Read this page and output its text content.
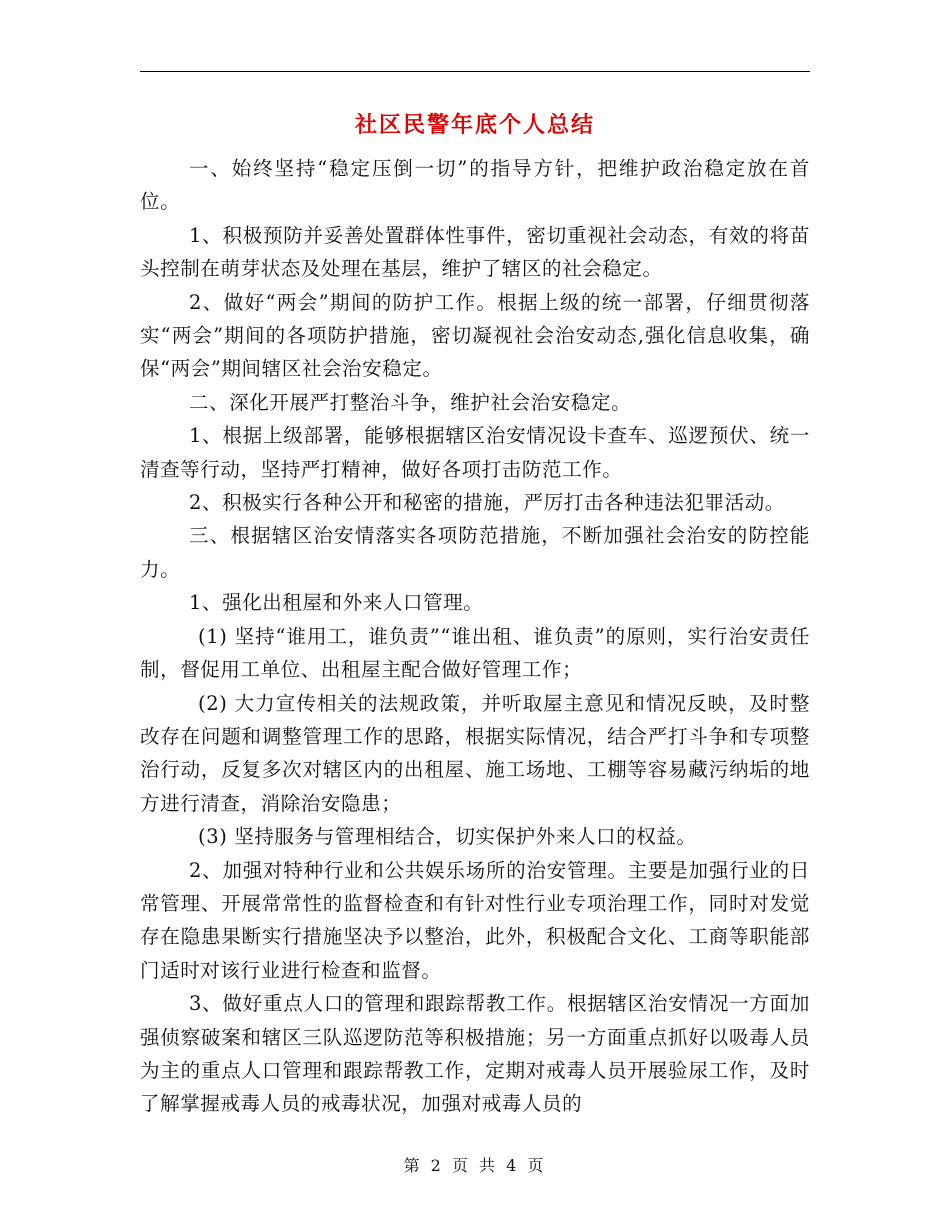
社区民警年底个人总结

一、始终坚持“稳定压倒一切”的指导方针，把维护政治稳定放在首位。

1、积极预防并妥善处置群体性事件，密切重视社会动态，有效的将苗头控制在萌芽状态及处理在基层，维护了辖区的社会稳定。

2、做好“两会”期间的防护工作。根据上级的统一部署，仔细贯彻落实“两会”期间的各项防护措施，密切凝视社会治安动态,强化信息收集，确保“两会”期间辖区社会治安稳定。

二、深化开展严打整治斗争，维护社会治安稳定。

1、根据上级部署，能够根据辖区治安情况设卡查车、巡逻预伏、统一清查等行动，坚持严打精神，做好各项打击防范工作。

2、积极实行各种公开和秘密的措施，严厉打击各种违法犯罪活动。

三、根据辖区治安情落实各项防范措施，不断加强社会治安的防控能力。

1、强化出租屋和外来人口管理。

(1) 坚持“谁用工，谁负责”“谁出租、谁负责”的原则，实行治安责任制，督促用工单位、出租屋主配合做好管理工作；

(2) 大力宣传相关的法规政策，并听取屋主意见和情况反映，及时整改存在问题和调整管理工作的思路，根据实际情况，结合严打斗争和专项整治行动，反复多次对辖区内的出租屋、施工场地、工棚等容易藏污纳垢的地方进行清查，消除治安隐患；

(3) 坚持服务与管理相结合，切实保护外来人口的权益。

2、加强对特种行业和公共娱乐场所的治安管理。主要是加强行业的日常管理、开展常常性的监督检查和有针对性行业专项治理工作，同时对发觉存在隐患果断实行措施坚决予以整治，此外，积极配合文化、工商等职能部门适时对该行业进行检查和监督。

3、做好重点人口的管理和跟踪帮教工作。根据辖区治安情况一方面加强侦察破案和辖区三队巡逻防范等积极措施；另一方面重点抓好以吸毒人员为主的重点人口管理和跟踪帮教工作，定期对戒毒人员开展验尿工作，及时了解掌握戒毒人员的戒毒状况，加强对戒毒人员的

第 2 页 共 4 页
